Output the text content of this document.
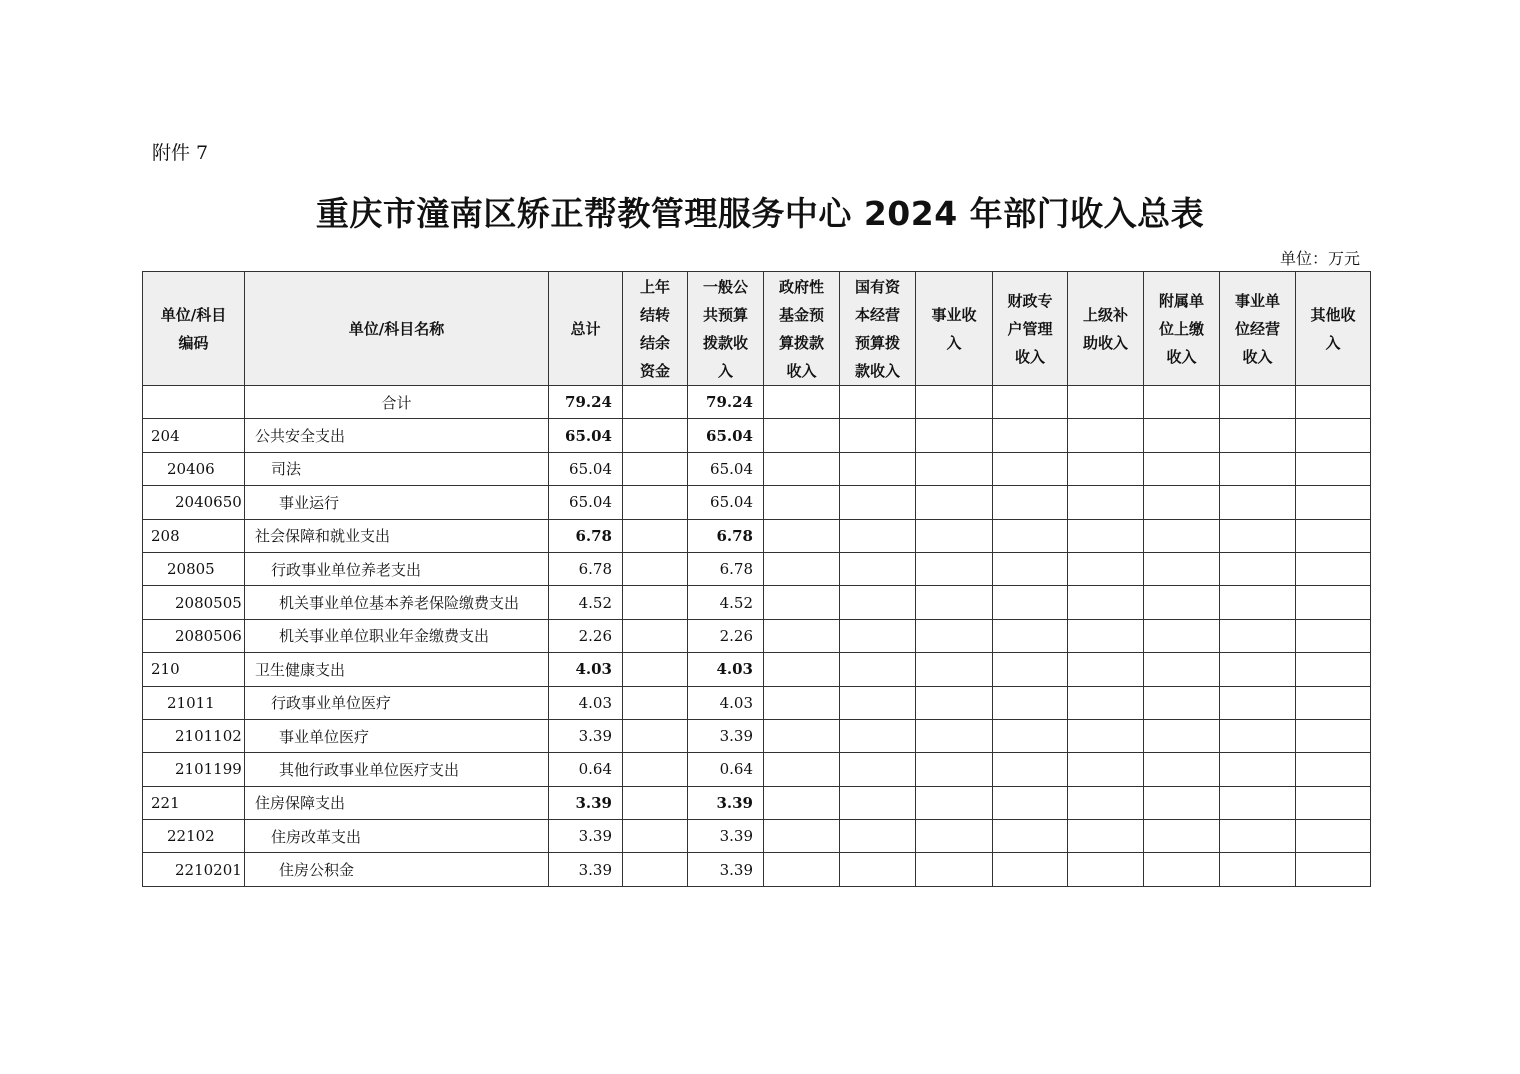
附件 7
重庆市潼南区矫正帮教管理服务中心 2024 年部门收入总表
单位：万元
单位/科目
编码	单位/科目名称	总计	上年
结转
结余
资金	一般公
共预算
拨款收
入	政府性
基金预
算拨款
收入	国有资
本经营
预算拨
款收入	事业收
入	财政专
户管理
收入	上级补
助收入	附属单
位上缴
收入	事业单
位经营
收入	其他收
入

	合计	79.24		79.24								
204	公共安全支出	65.04		65.04								
20406	司法	65.04		65.04								
2040650	事业运行	65.04		65.04								
208	社会保障和就业支出	6.78		6.78								
20805	行政事业单位养老支出	6.78		6.78								
2080505	机关事业单位基本养老保险缴费支出	4.52		4.52								
2080506	机关事业单位职业年金缴费支出	2.26		2.26								
210	卫生健康支出	4.03		4.03								
21011	行政事业单位医疗	4.03		4.03								
2101102	事业单位医疗	3.39		3.39								
2101199	其他行政事业单位医疗支出	0.64		0.64								
221	住房保障支出	3.39		3.39								
22102	住房改革支出	3.39		3.39								
2210201	住房公积金	3.39		3.39								
